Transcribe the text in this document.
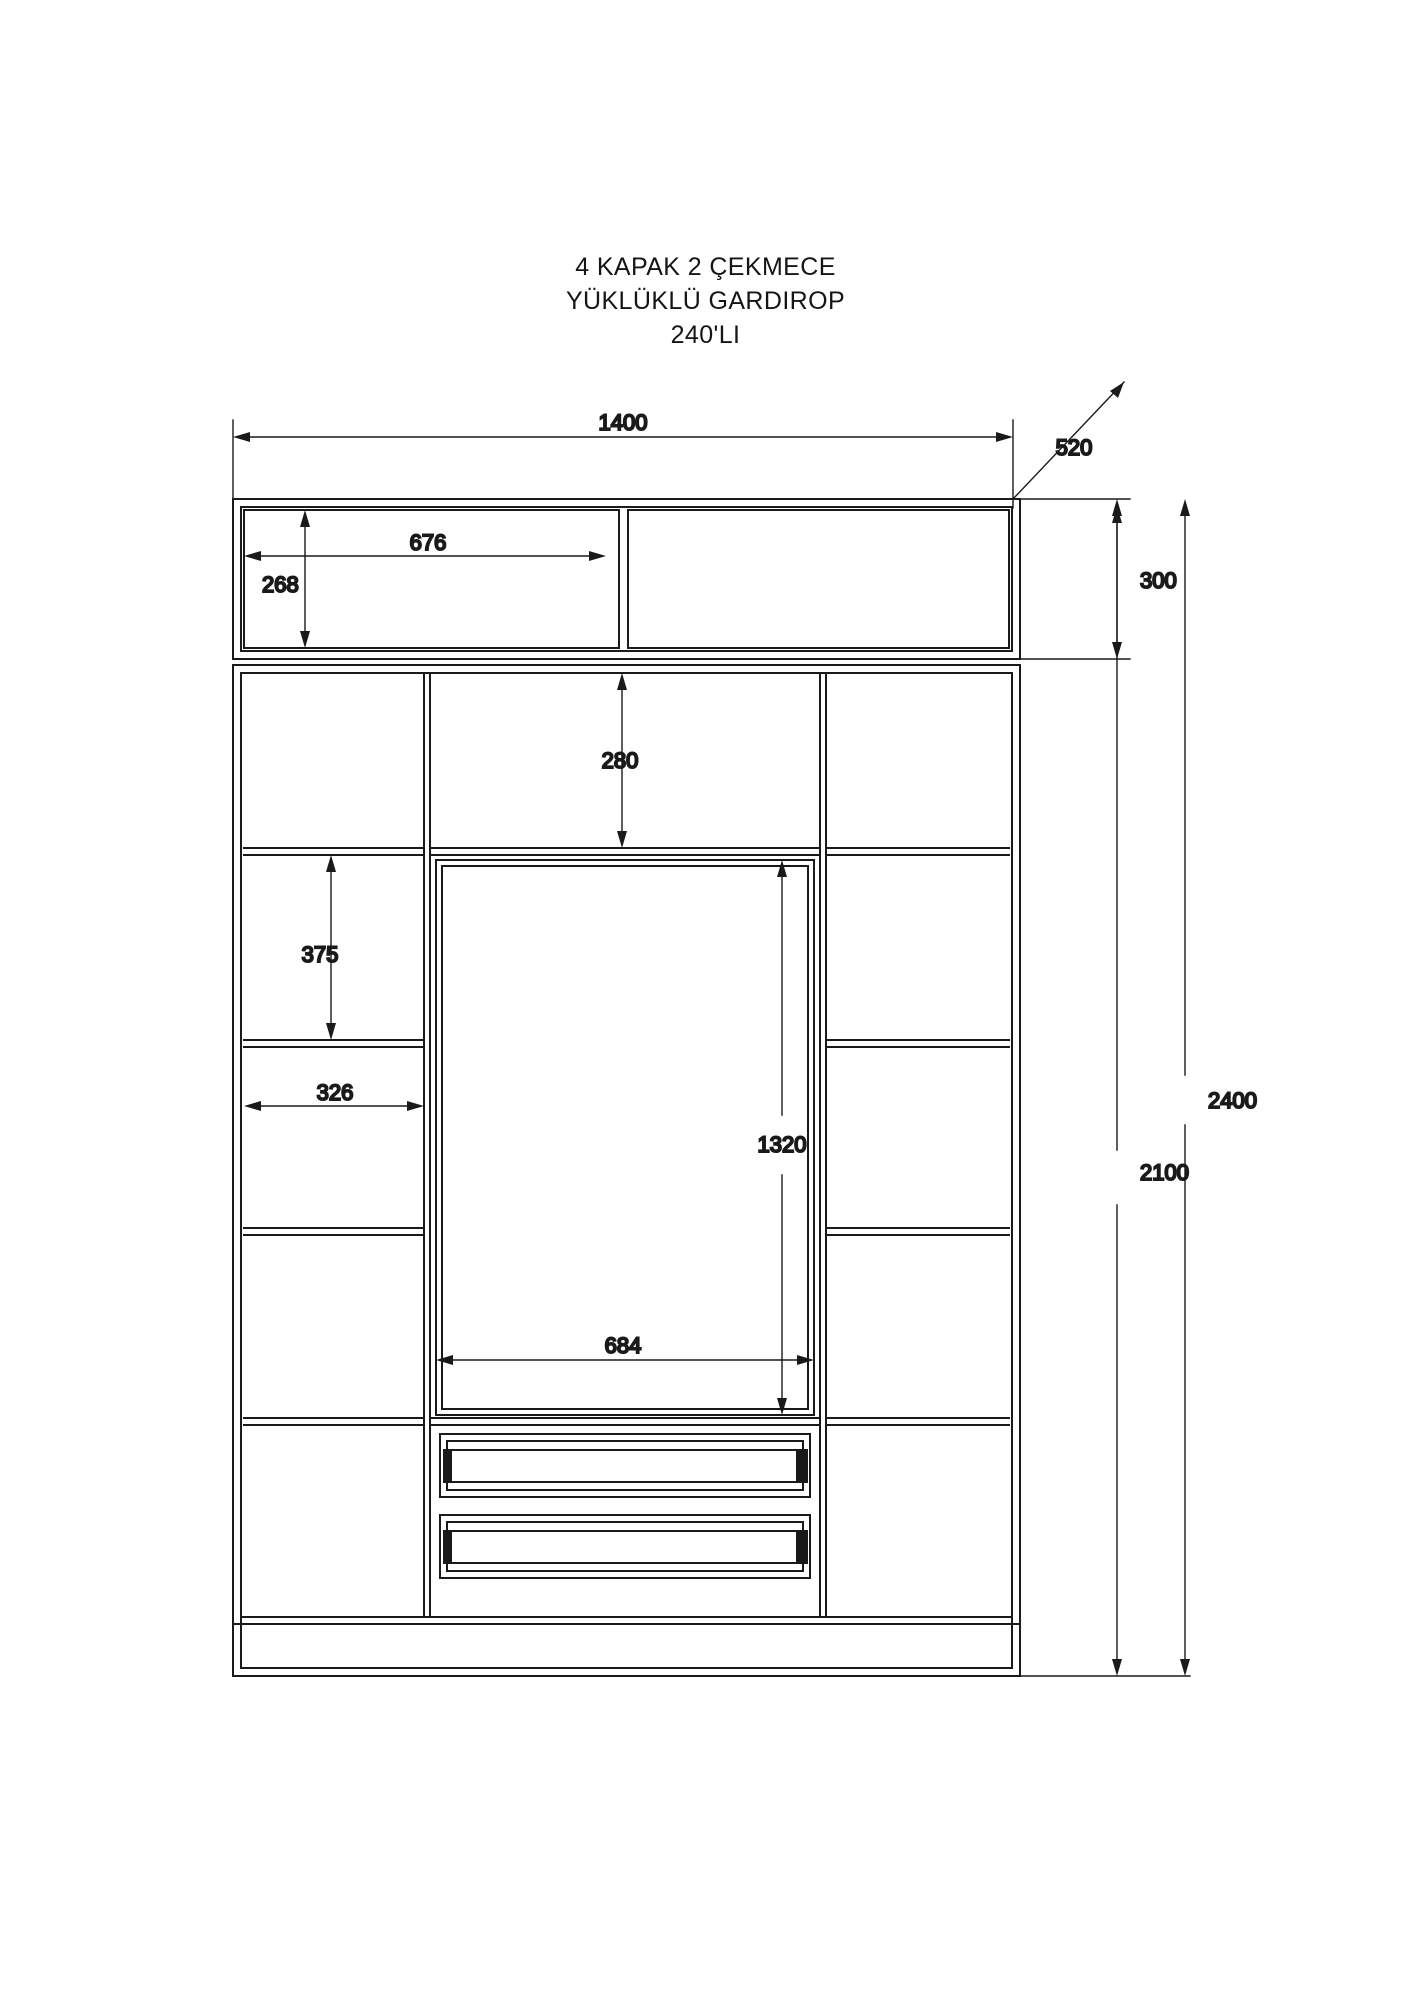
4 KAPAK 2 ÇEKMECE
YÜKLÜKLÜ GARDIROP
240'LI
1400
520
300
2100
2400
676
268
280
375
326
1320
684
